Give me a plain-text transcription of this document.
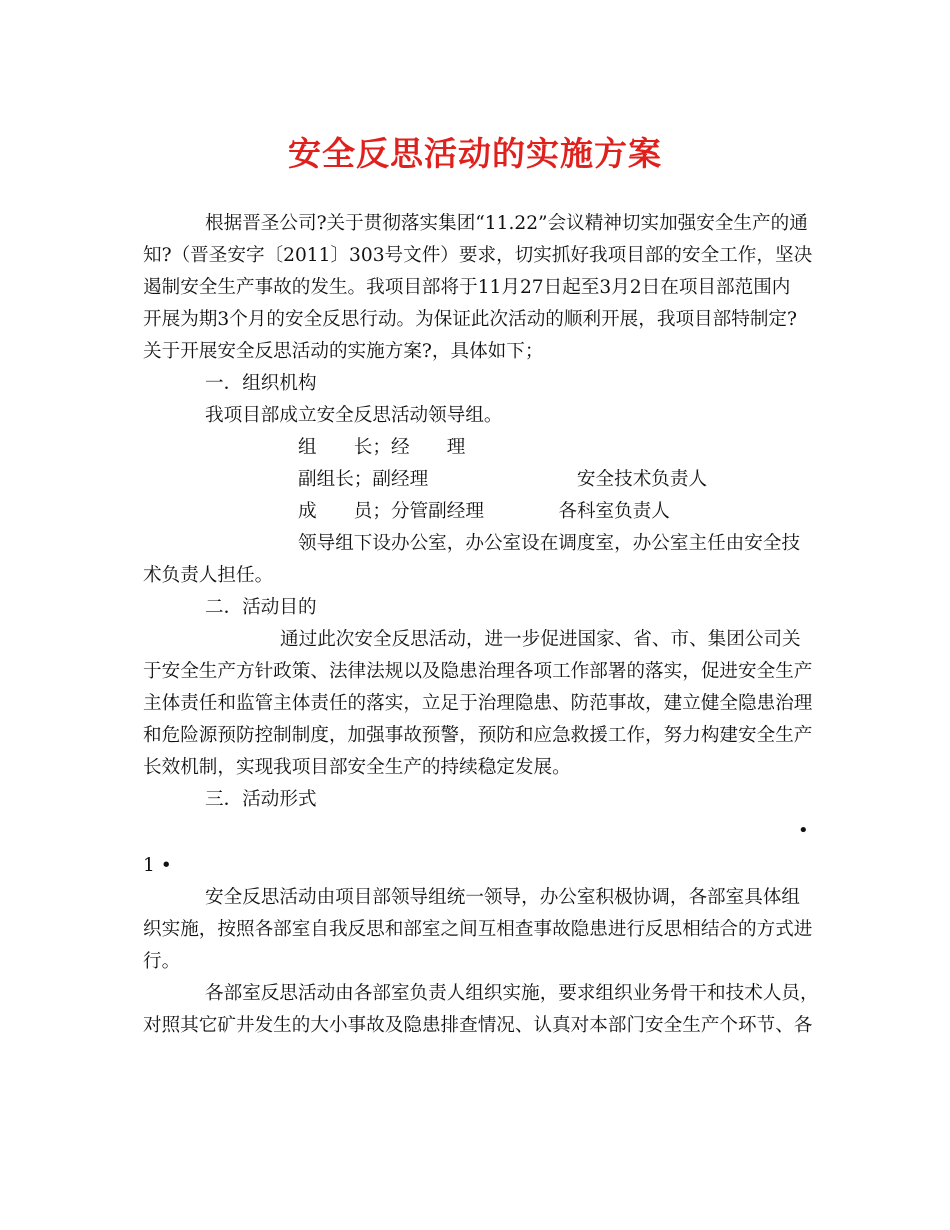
安全反思活动的实施方案
根据晋圣公司?关于贯彻落实集团“11.22”会议精神切实加强安全生产的通
知?（晋圣安字〔2011〕303号文件）要求，切实抓好我项目部的安全工作，坚决
遏制安全生产事故的发生。我项目部将于11月27日起至3月2日在项目部范围内
开展为期3个月的安全反思行动。为保证此次活动的顺利开展，我项目部特制定?
关于开展安全反思活动的实施方案?，具体如下；
一．组织机构
我项目部成立安全反思活动领导组。
组　　长；经　　理
副组长；副经理　　　　　　　　安全技术负责人
成　　员；分管副经理　　　　各科室负责人
领导组下设办公室，办公室设在调度室，办公室主任由安全技
术负责人担任。
二．活动目的
通过此次安全反思活动，进一步促进国家、省、市、集团公司关
于安全生产方针政策、法律法规以及隐患治理各项工作部署的落实，促进安全生产
主体责任和监管主体责任的落实，立足于治理隐患、防范事故，建立健全隐患治理
和危险源预防控制制度，加强事故预警，预防和应急救援工作，努力构建安全生产
长效机制，实现我项目部安全生产的持续稳定发展。
三．活动形式
•
1 •
安全反思活动由项目部领导组统一领导，办公室积极协调，各部室具体组
织实施，按照各部室自我反思和部室之间互相查事故隐患进行反思相结合的方式进
行。
各部室反思活动由各部室负责人组织实施，要求组织业务骨干和技术人员，
对照其它矿井发生的大小事故及隐患排查情况、认真对本部门安全生产个环节、各
